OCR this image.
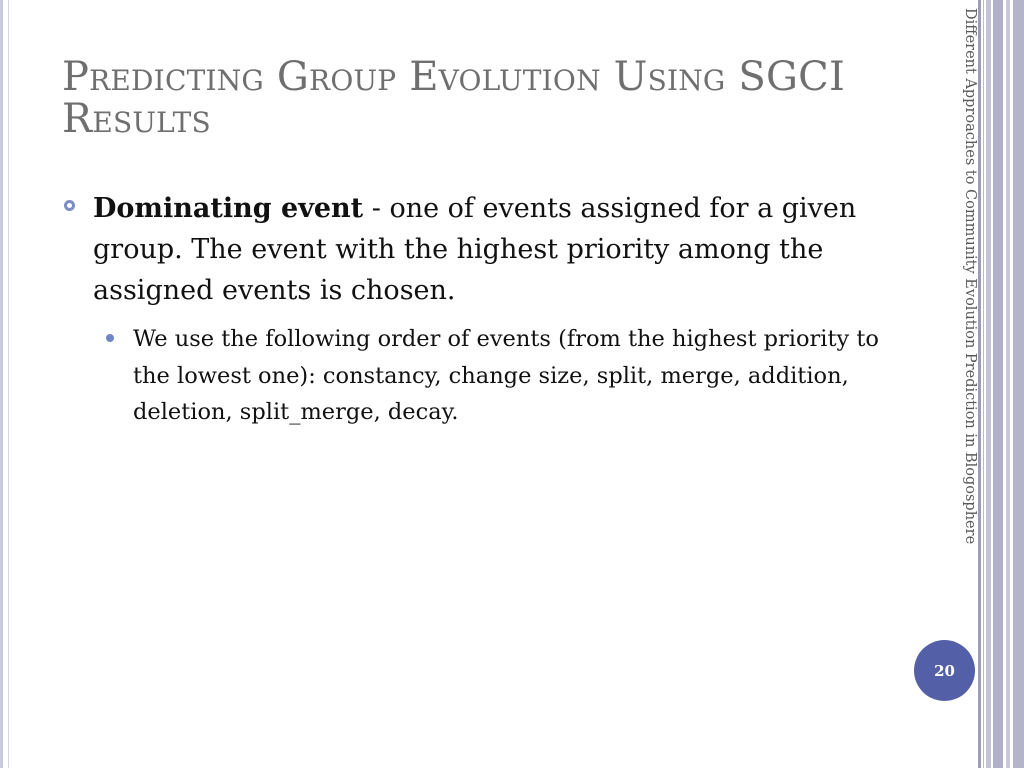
Predicting Group Evolution Using SGCI Results
Dominating event - one of events assigned for a given group. The event with the highest priority among the assigned events is chosen.
We use the following order of events (from the highest priority to the lowest one): constancy, change size, split, merge, addition, deletion, split_merge, decay.	Different Approaches to Community Evolution Prediction in Blogosphere
20
